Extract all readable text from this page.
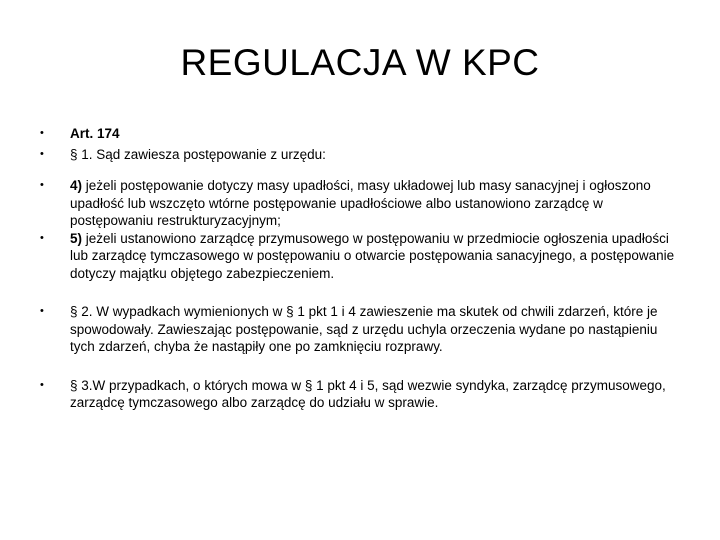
REGULACJA W KPC
• Art. 174
• § 1. Sąd zawiesza postępowanie z urzędu:
• 4) jeżeli postępowanie dotyczy masy upadłości, masy układowej lub masy sanacyjnej i ogłoszono upadłość lub wszczęto wtórne postępowanie upadłościowe albo ustanowiono zarządcę w postępowaniu restrukturyzacyjnym;
• 5) jeżeli ustanowiono zarządcę przymusowego w postępowaniu w przedmiocie ogłoszenia upadłości lub zarządcę tymczasowego w postępowaniu o otwarcie postępowania sanacyjnego, a postępowanie dotyczy majątku objętego zabezpieczeniem.
• § 2. W wypadkach wymienionych w § 1 pkt 1 i 4 zawieszenie ma skutek od chwili zdarzeń, które je spowodowały. Zawieszając postępowanie, sąd z urzędu uchyla orzeczenia wydane po nastąpieniu tych zdarzeń, chyba że nastąpiły one po zamknięciu rozprawy.
• § 3.W przypadkach, o których mowa w § 1 pkt 4 i 5, sąd wezwie syndyka, zarządcę przymusowego, zarządcę tymczasowego albo zarządcę do udziału w sprawie.
